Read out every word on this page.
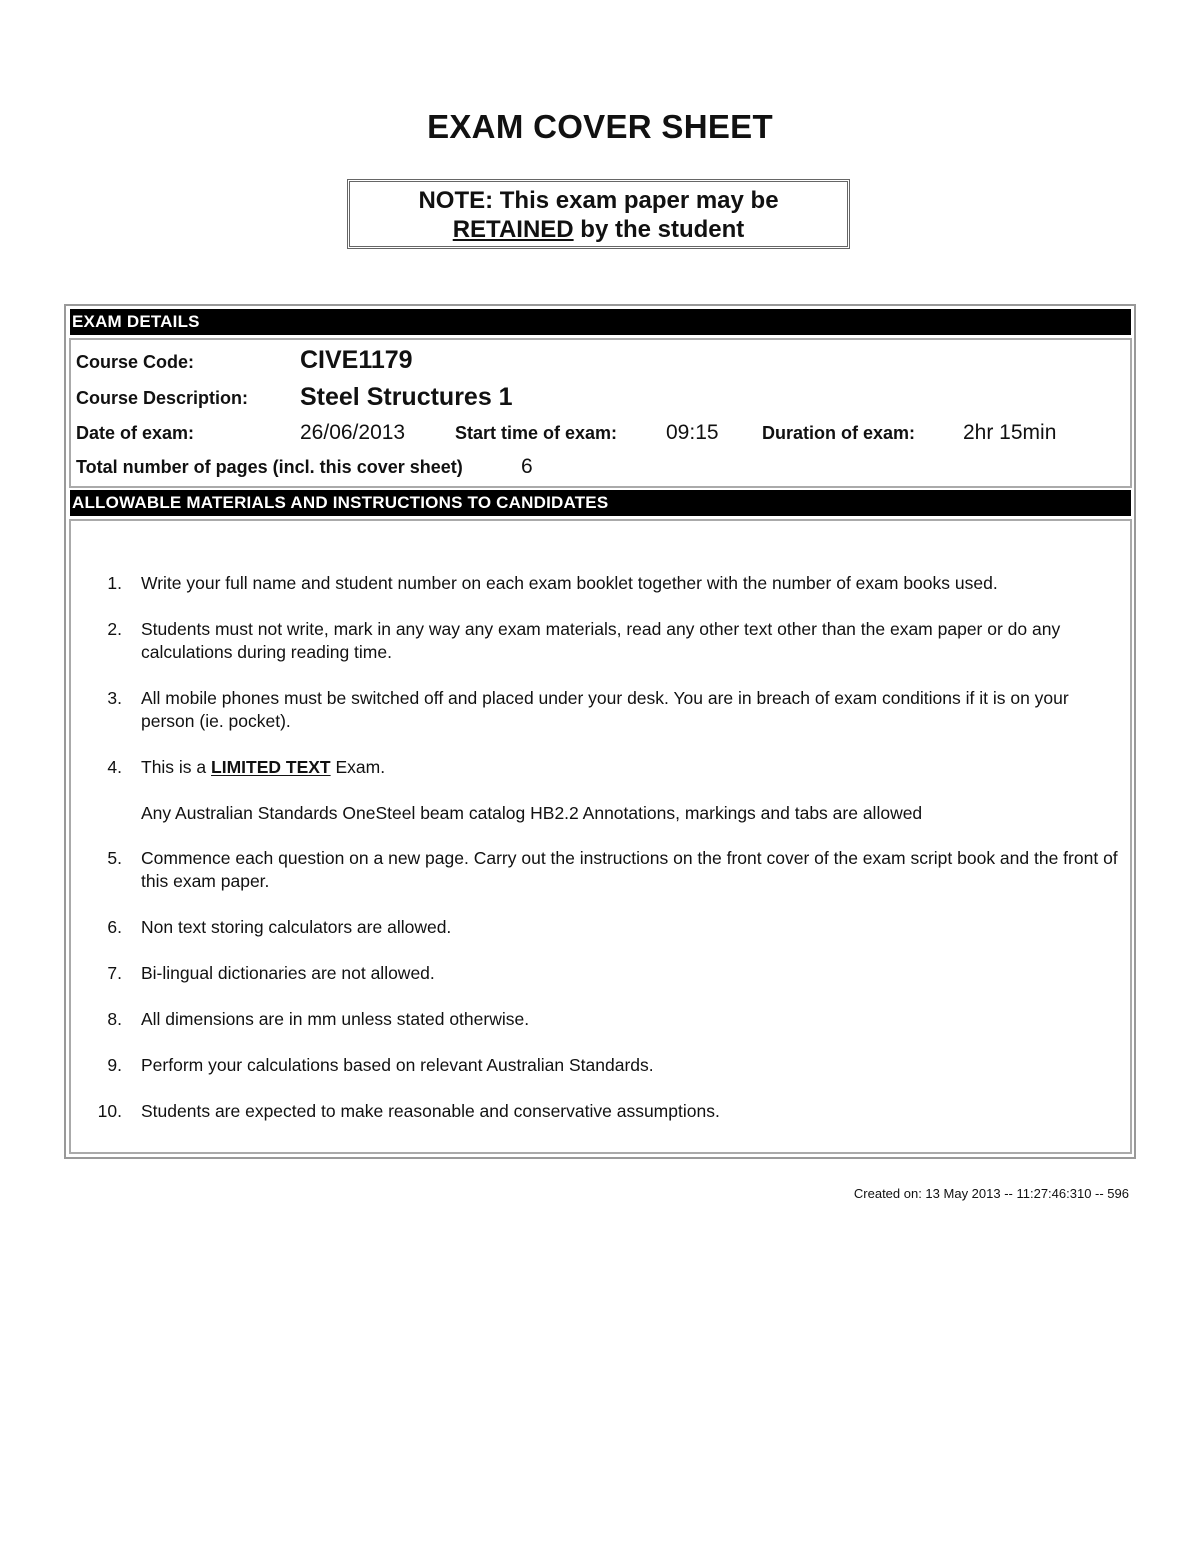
EXAM COVER SHEET
NOTE: This exam paper may be
RETAINED by the student
EXAM DETAILS
Course Code:	CIVE1179
Course Description: Steel Structures 1
Date of exam:	26/06/2013	Start time of exam: 09:15 Duration of exam: 2hr 15min
Total number of pages (incl. this cover sheet)	6
ALLOWABLE MATERIALS AND INSTRUCTIONS TO CANDIDATES
1. Write your full name and student number on each exam booklet together with the number of exam books used.
2. Students must not write, mark in any way any exam materials, read any other text other than the exam paper or do any calculations during reading time.
3. All mobile phones must be switched off and placed under your desk. You are in breach of exam conditions if it is on your person (ie. pocket).
4. This is a LIMITED TEXT Exam.
Any Australian Standards OneSteel beam catalog HB2.2 Annotations, markings and tabs are allowed
5. Commence each question on a new page. Carry out the instructions on the front cover of the exam script book and the front of this exam paper.
6. Non text storing calculators are allowed.
7. Bi-lingual dictionaries are not allowed.
8. All dimensions are in mm unless stated otherwise.
9. Perform your calculations based on relevant Australian Standards.
10. Students are expected to make reasonable and conservative assumptions.
Created on: 13 May 2013 -- 11:27:46:310 -- 596
